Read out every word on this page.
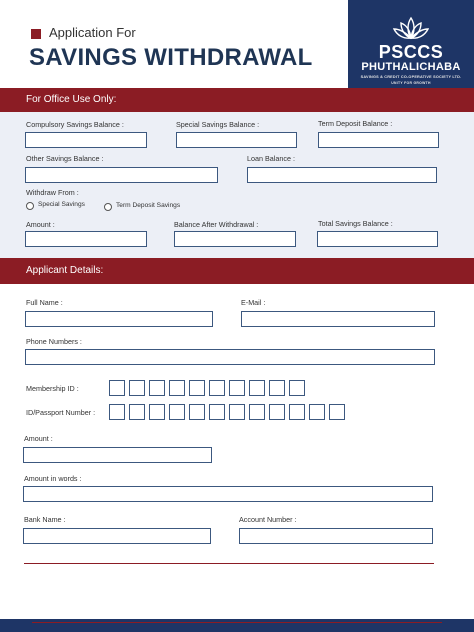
Application For
SAVINGS WITHDRAWAL	PSCCS
PHUTHALICHABA
SAVINGS & CREDIT CO-OPERATIVE SOCIETY LTD.
UNITY FOR GROWTH
For Office Use Only:
Compulsory Savings Balance :	Special Savings Balance :	Term Deposit Balance :
Other Savings Balance :	Loan Balance :
Withdraw From :
Special Savings	Term Deposit Savings
Amount :	Balance After Withdrawal :	Total Savings Balance :
Applicant Details:
Full Name :	E-Mail :
Phone Numbers :
Membership ID :
ID/Passport Number :
Amount :
Amount in words :
Bank Name :	Account Number :
